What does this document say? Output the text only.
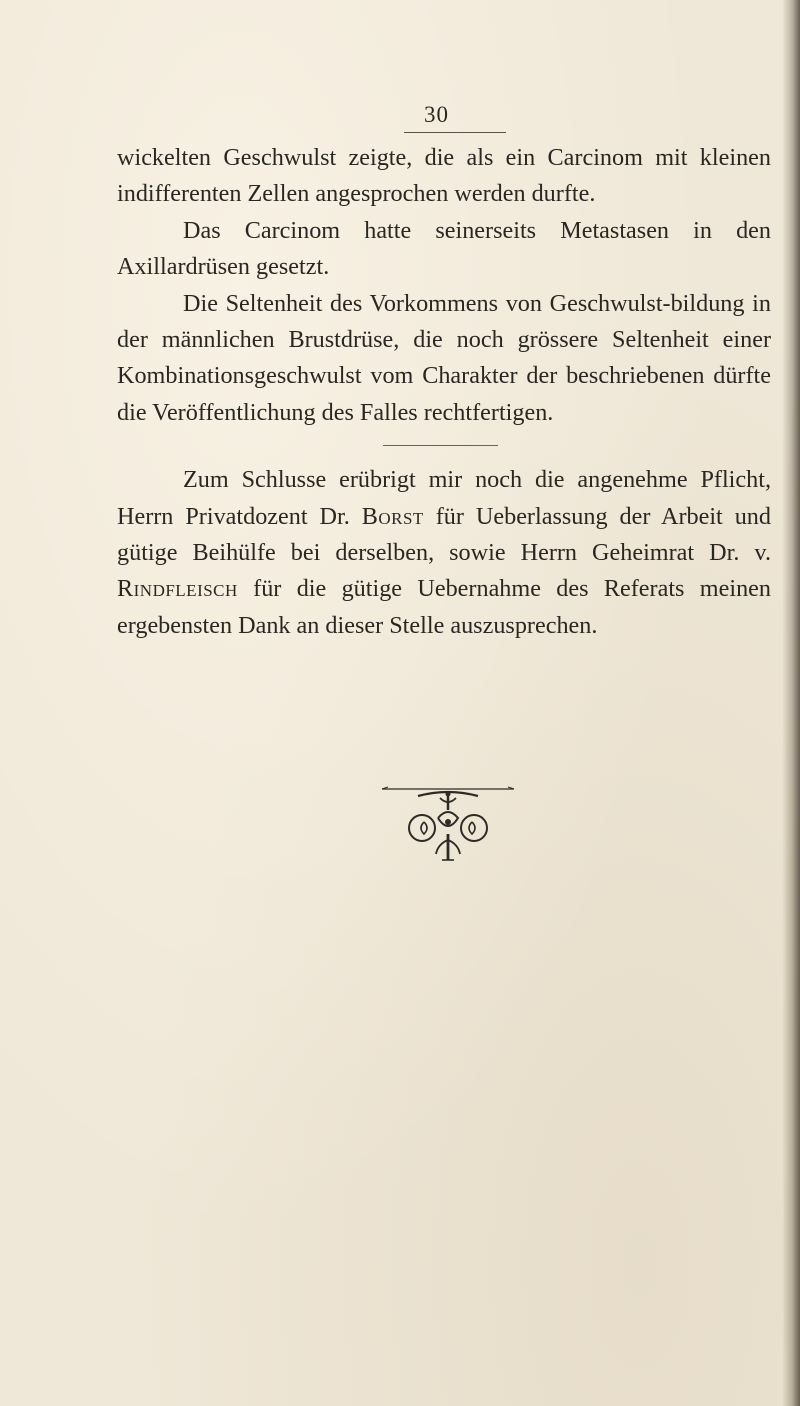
30

wickelten Geschwulst zeigte, die als ein Carcinom mit kleinen indifferenten Zellen angesprochen werden durfte.

Das Carcinom hatte seinerseits Metastasen in den Axillardrüsen gesetzt.

Die Seltenheit des Vorkommens von Geschwulst-bildung in der männlichen Brustdrüse, die noch grössere Seltenheit einer Kombinationsgeschwulst vom Charakter der beschriebenen dürfte die Veröffentlichung des Falles rechtfertigen.

Zum Schlusse erübrigt mir noch die angenehme Pflicht, Herrn Privatdozent Dr. Borst für Ueberlassung der Arbeit und gütige Beihülfe bei derselben, sowie Herrn Geheimrat Dr. v. Rindfleisch für die gütige Uebernahme des Referats meinen ergebensten Dank an dieser Stelle auszusprechen.
